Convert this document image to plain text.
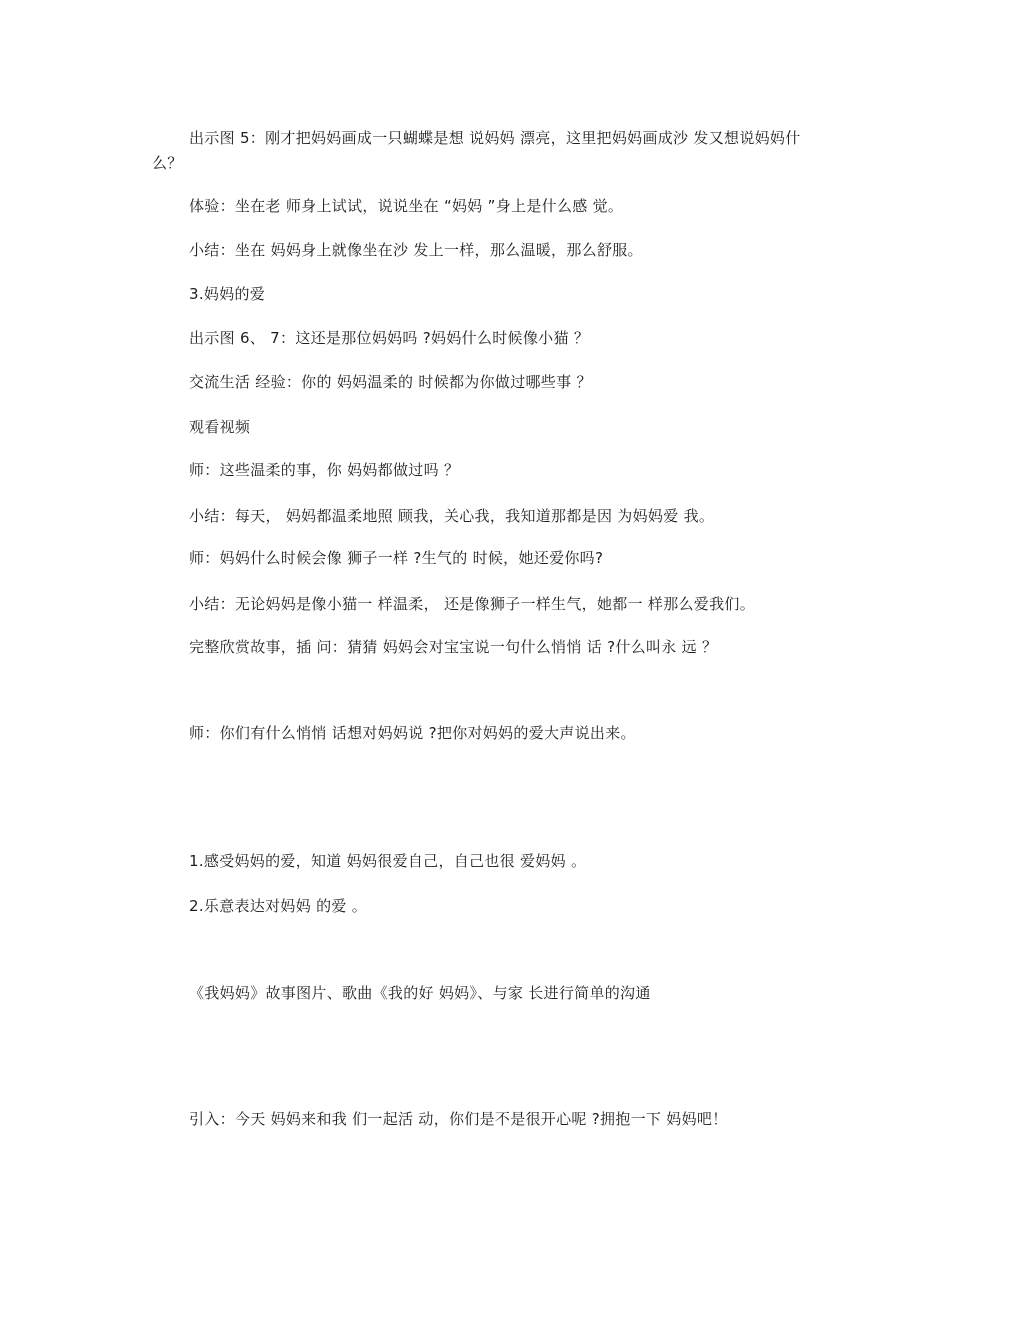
出示图 5：刚才把妈妈画成一只蝴蝶是想 说妈妈 漂亮，这里把妈妈画成沙 发又想说妈妈什
么？
体验：坐在老 师身上试试，说说坐在 “妈妈 ”身上是什么感 觉。
小结：坐在 妈妈身上就像坐在沙 发上一样，那么温暖，那么舒服。
3.妈妈的爱
出示图 6、 7：这还是那位妈妈吗 ?妈妈什么时候像小猫 ？
交流生活 经验：你的 妈妈温柔的 时候都为你做过哪些事 ？
观看视频
师：这些温柔的事，你 妈妈都做过吗 ？
小结：每天， 妈妈都温柔地照 顾我，关心我，我知道那都是因 为妈妈爱 我。
师：妈妈什么时候会像 狮子一样 ?生气的 时候，她还爱你吗?
小结：无论妈妈是像小猫一 样温柔， 还是像狮子一样生气，她都一 样那么爱我们。
完整欣赏故事，插 问：猜猜 妈妈会对宝宝说一句什么悄悄 话 ?什么叫永 远 ？
师：你们有什么悄悄 话想对妈妈说 ?把你对妈妈的爱大声说出来。
1.感受妈妈的爱，知道 妈妈很爱自己，自己也很 爱妈妈 。
2.乐意表达对妈妈 的爱 。
《我妈妈》故事图片、歌曲《我的好 妈妈》、与家 长进行简单的沟通
引入：今天 妈妈来和我 们一起活 动，你们是不是很开心呢 ?拥抱一下 妈妈吧！
